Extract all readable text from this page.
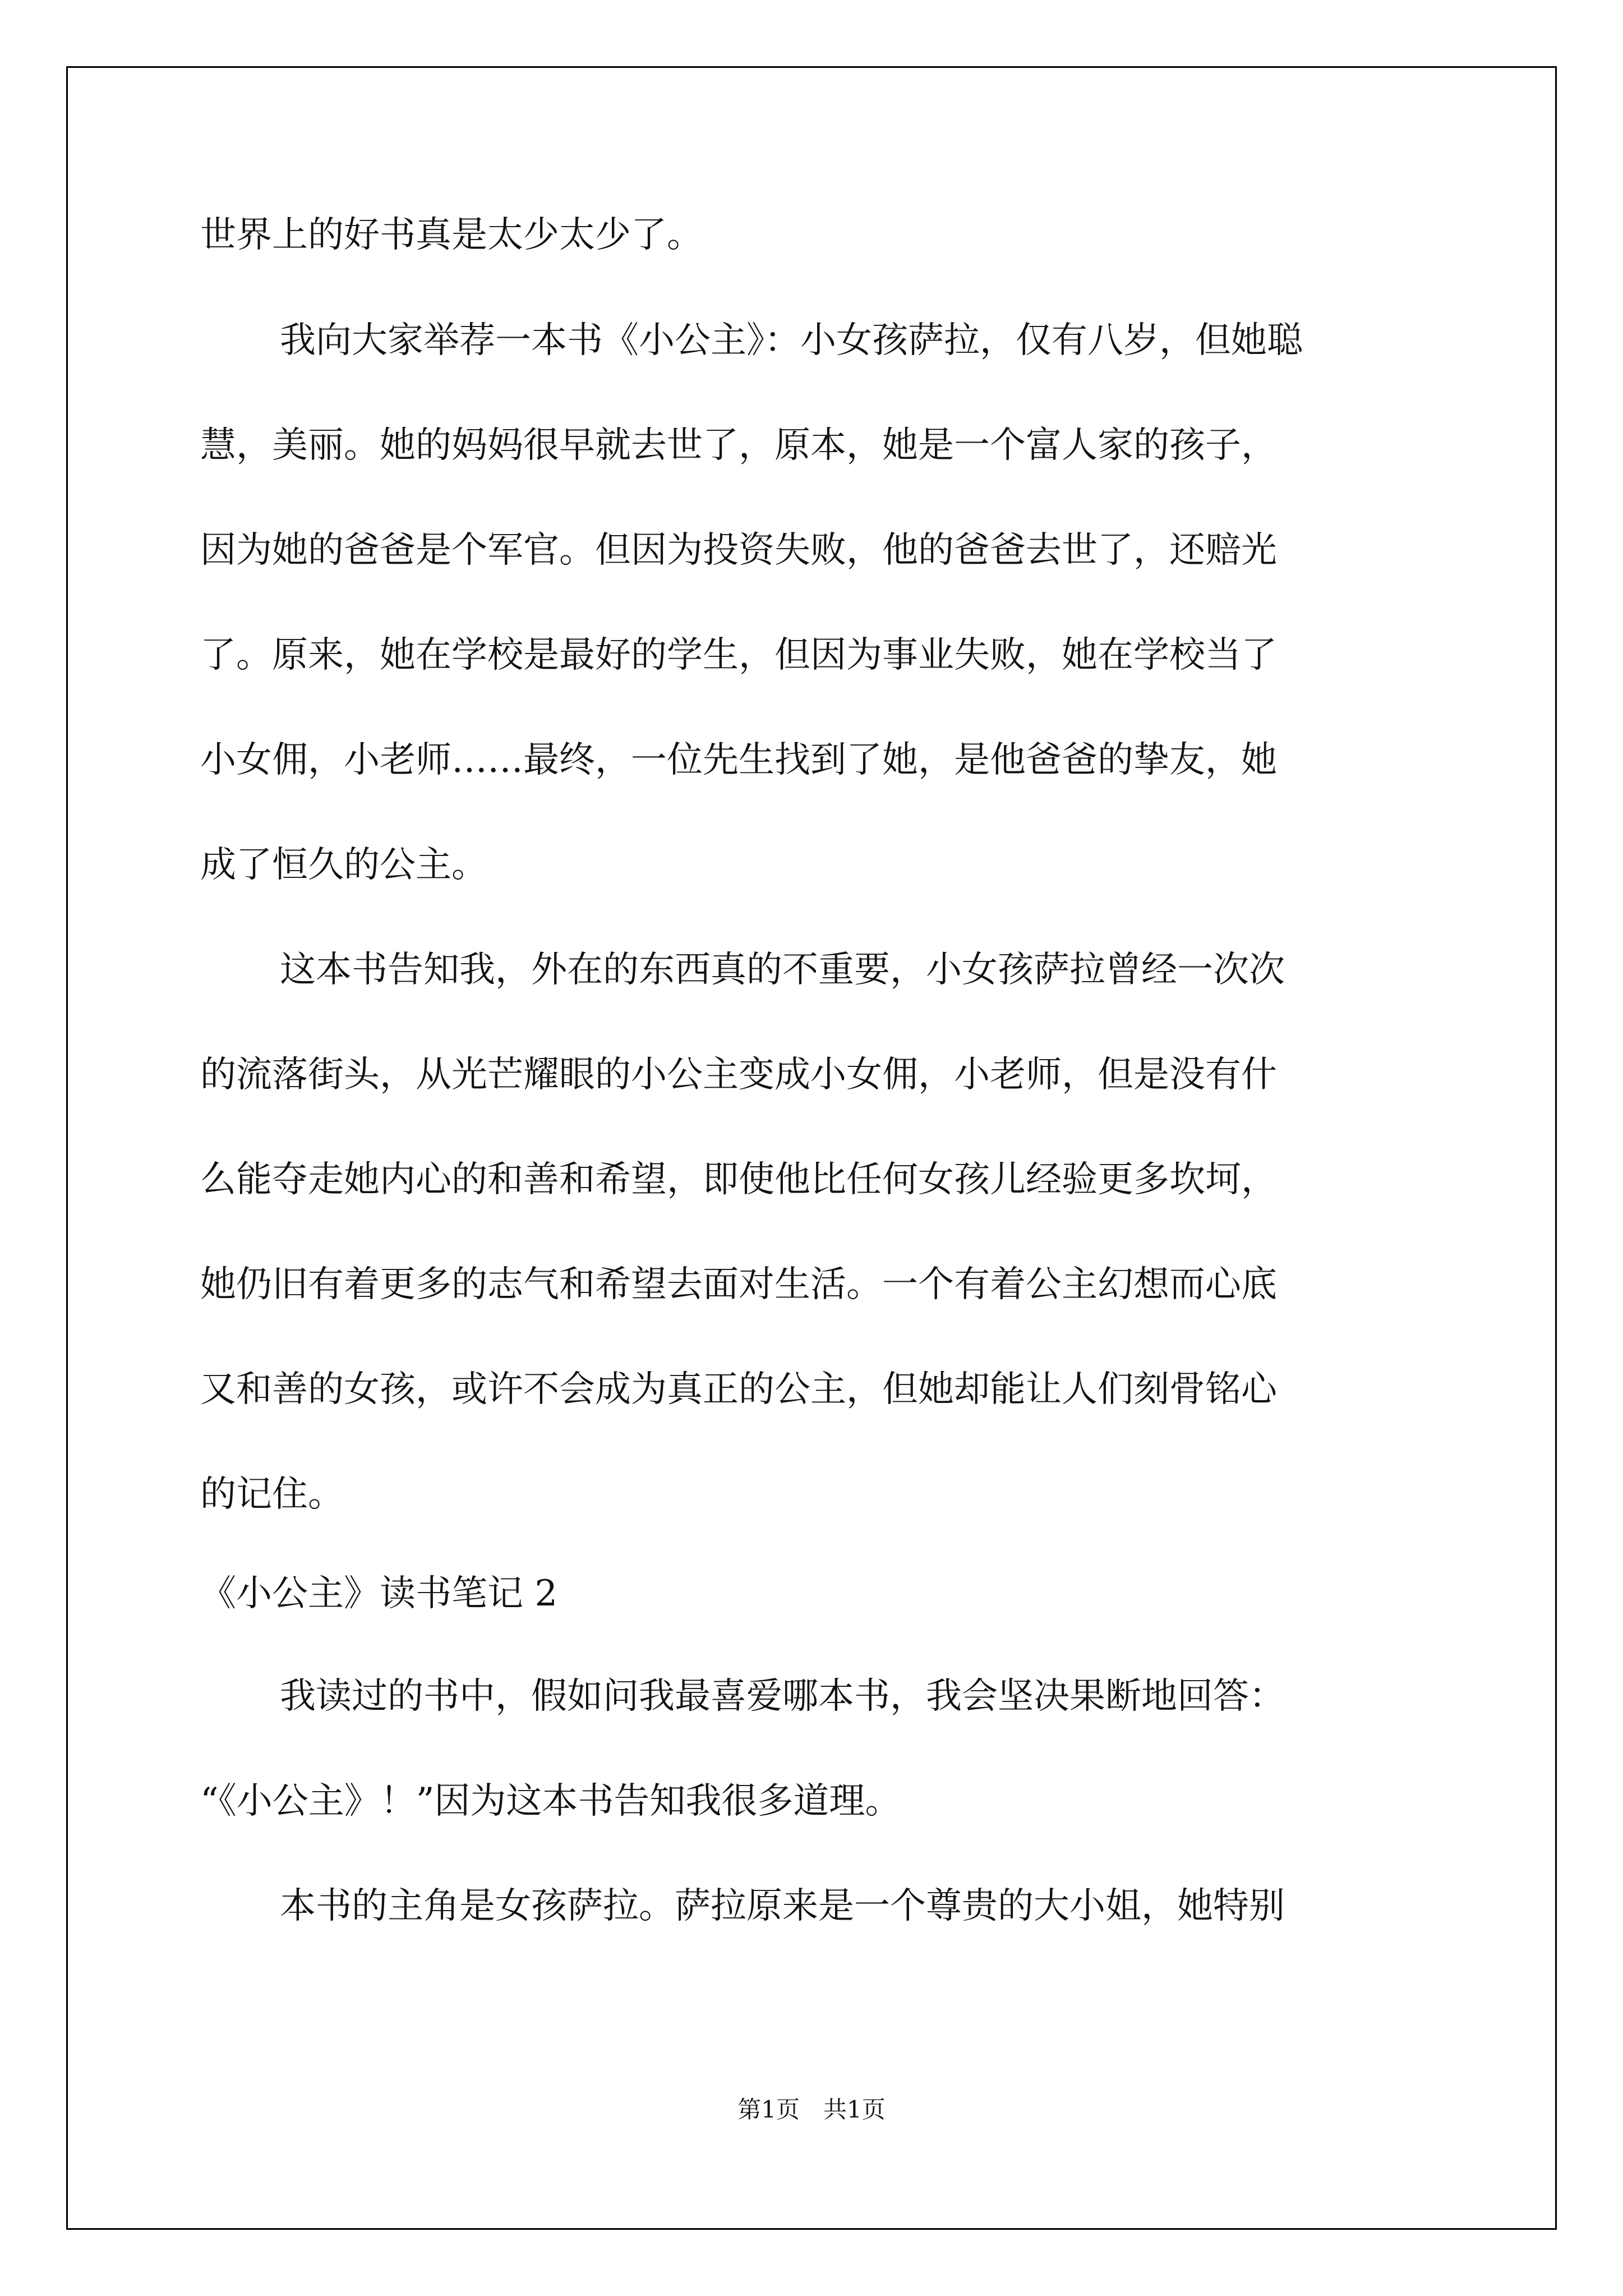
世界上的好书真是太少太少了。
我向大家举荐一本书《小公主》：小女孩萨拉，仅有八岁，但她聪
慧，美丽。她的妈妈很早就去世了，原本，她是一个富人家的孩子，
因为她的爸爸是个军官。但因为投资失败，他的爸爸去世了，还赔光
了。原来，她在学校是最好的学生，但因为事业失败，她在学校当了
小女佣，小老师……最终，一位先生找到了她，是他爸爸的挚友，她
成了恒久的公主。
这本书告知我，外在的东西真的不重要，小女孩萨拉曾经一次次
的流落街头，从光芒耀眼的小公主变成小女佣，小老师，但是没有什
么能夺走她内心的和善和希望，即使他比任何女孩儿经验更多坎坷，
她仍旧有着更多的志气和希望去面对生活。一个有着公主幻想而心底
又和善的女孩，或许不会成为真正的公主，但她却能让人们刻骨铭心
的记住。
《小公主》读书笔记 2
我读过的书中，假如问我最喜爱哪本书，我会坚决果断地回答：
“《小公主》！”因为这本书告知我很多道理。
本书的主角是女孩萨拉。萨拉原来是一个尊贵的大小姐，她特别
第1页 共1页
